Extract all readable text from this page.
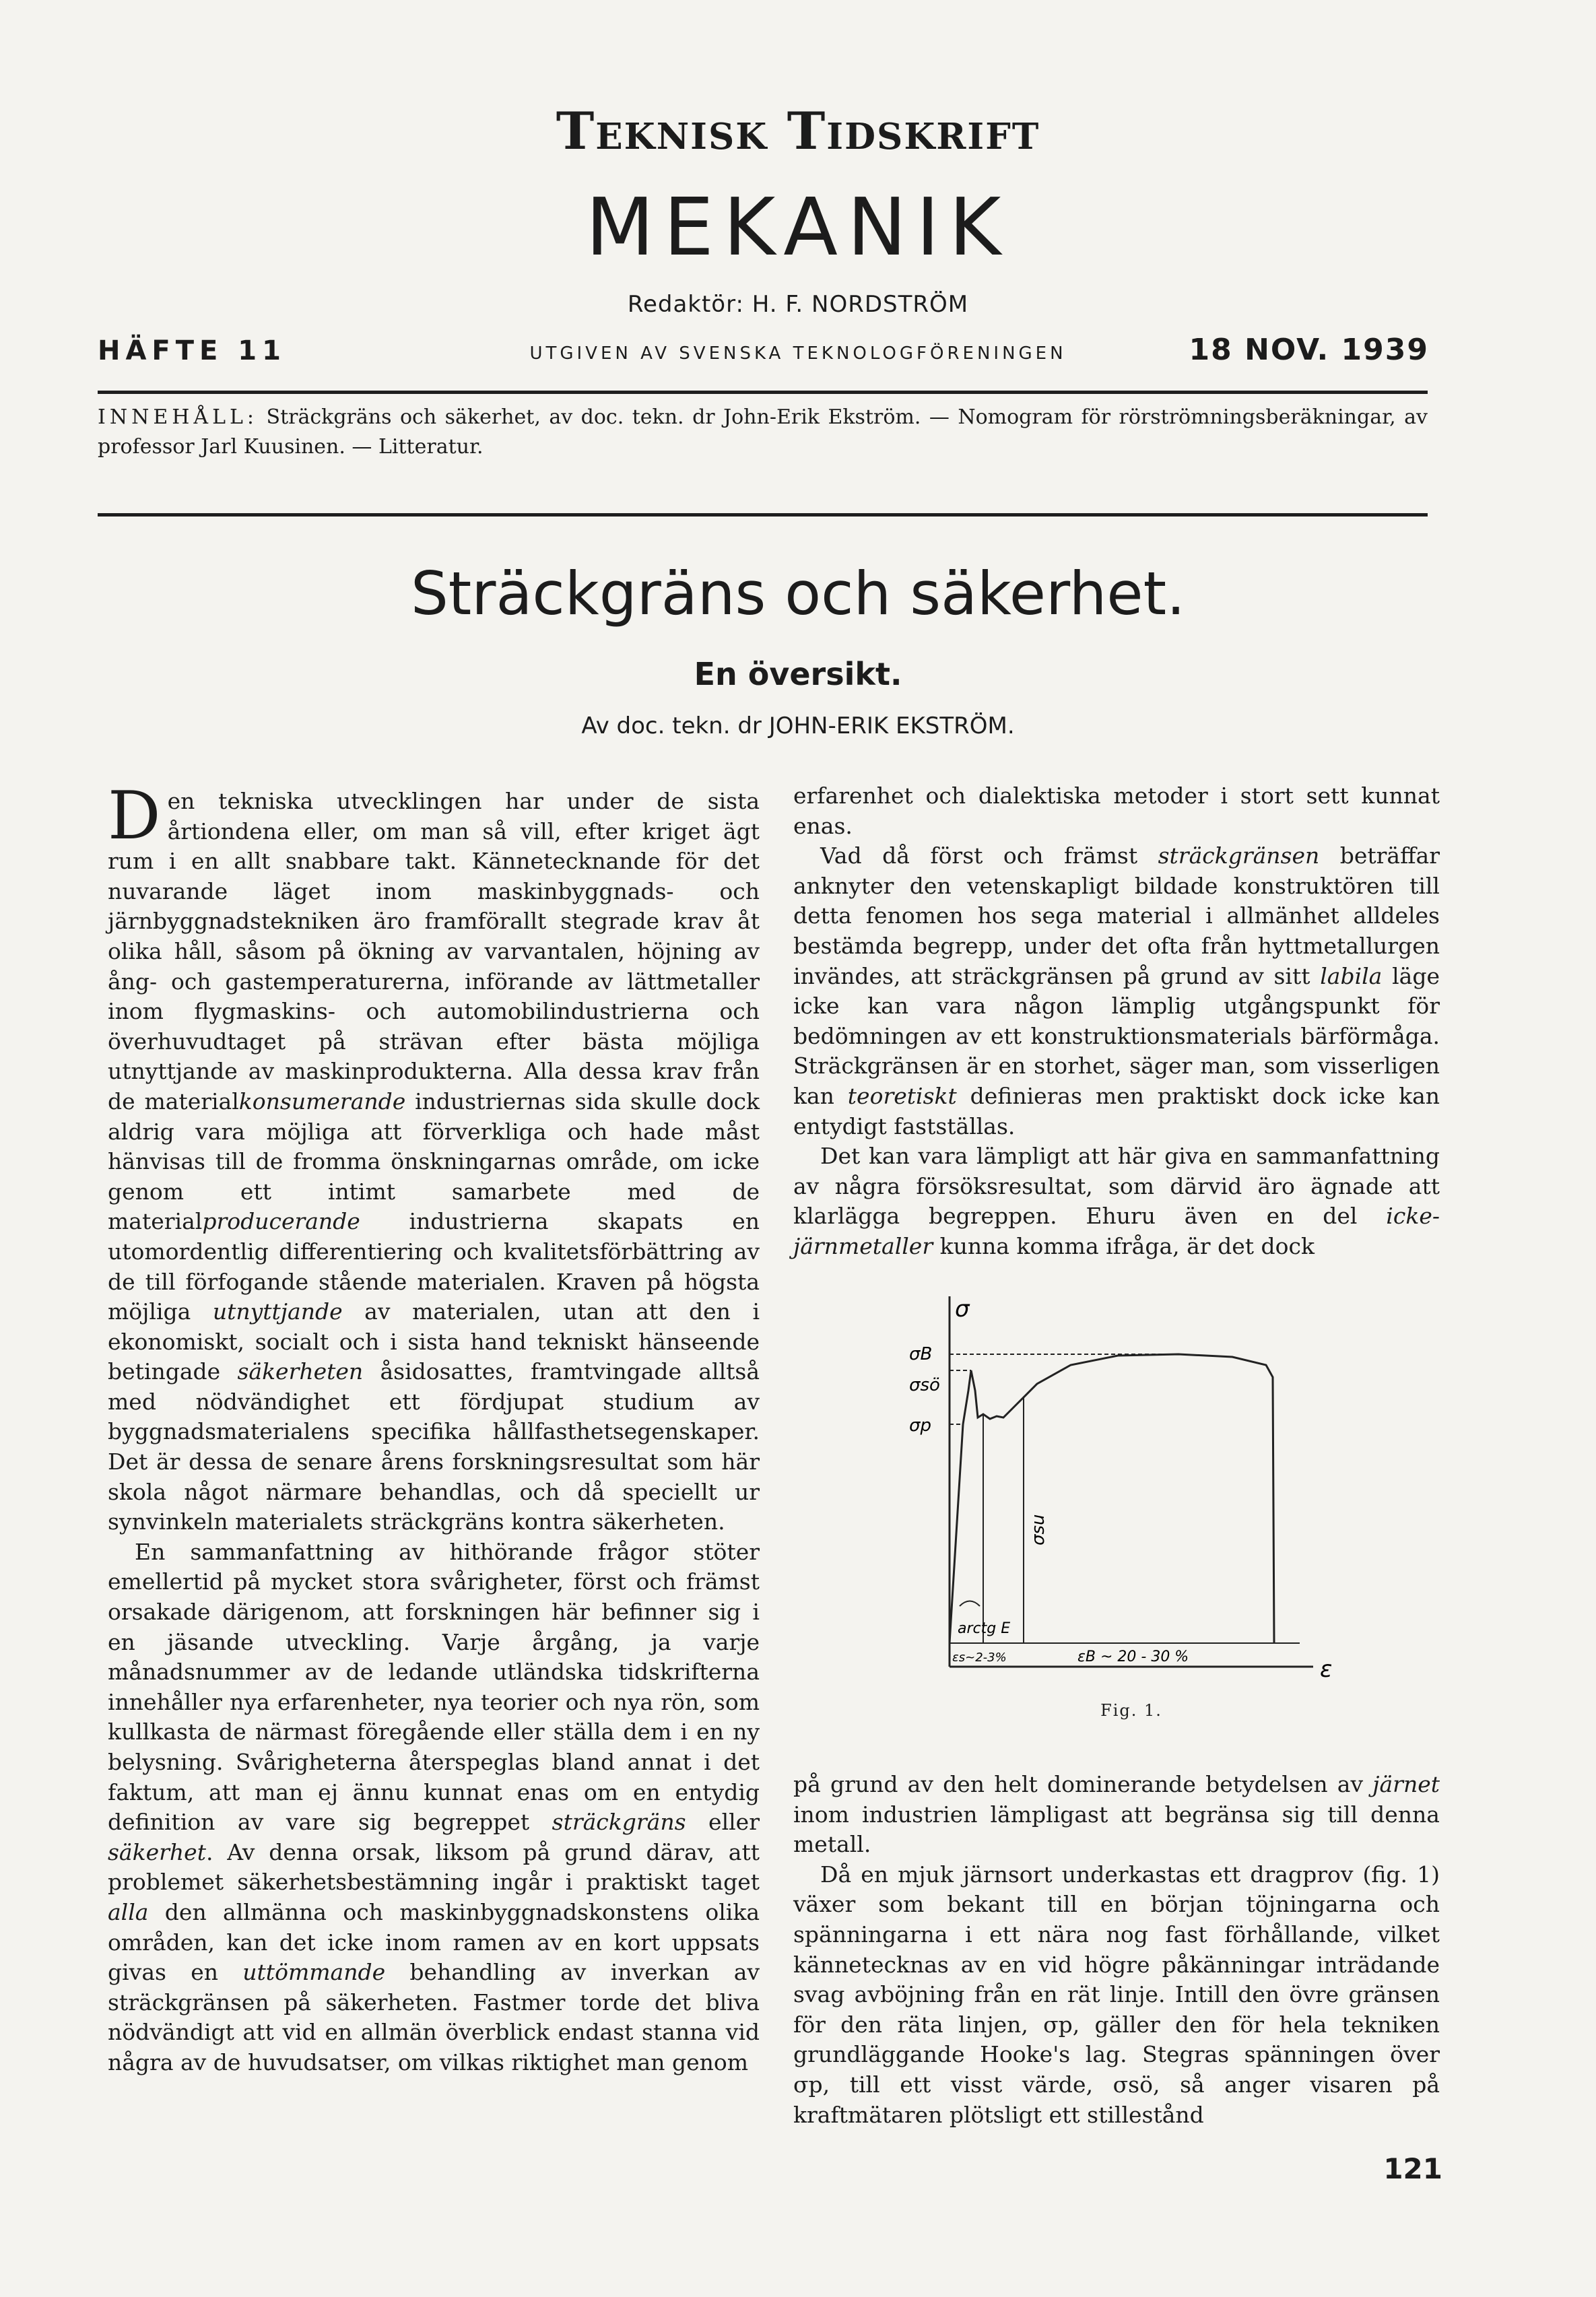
Teknisk Tidskrift
MEKANIK
Redaktör: H. F. NORDSTRÖM
HÄFTE 11	UTGIVEN AV SVENSKA TEKNOLOGFÖRENINGEN	18 NOV. 1939
INNEHÅLL: Sträckgräns och säkerhet, av doc. tekn. dr John-Erik Ekström. — Nomogram för rörströmningsberäkningar, av professor Jarl Kuusinen. — Litteratur.
Sträckgräns och säkerhet.
En översikt.
Av doc. tekn. dr JOHN-ERIK EKSTRÖM.

Den tekniska utvecklingen har under de sista årtiondena eller, om man så vill, efter kriget ägt rum i en allt snabbare takt. Kännetecknande för det nuvarande läget inom maskinbyggnads- och järnbyggnadstekniken äro framförallt stegrade krav åt olika håll, såsom på ökning av varvantalen, höjning av ång- och gastemperaturerna, införande av lättmetaller inom flygmaskins- och automobilindustrierna och överhuvudtaget på strävan efter bästa möjliga utnyttjande av maskinprodukterna. Alla dessa krav från de materialkonsumerande industriernas sida skulle dock aldrig vara möjliga att förverkliga och hade måst hänvisas till de fromma önskningarnas område, om icke genom ett intimt samarbete med de materialproducerande industrierna skapats en utomordentlig differentiering och kvalitetsförbättring av de till förfogande stående materialen. Kraven på högsta möjliga utnyttjande av materialen, utan att den i ekonomiskt, socialt och i sista hand tekniskt hänseende betingade säkerheten åsidosattes, framtvingade alltså med nödvändighet ett fördjupat studium av byggnadsmaterialens specifika hållfasthetsegenskaper. Det är dessa de senare årens forskningsresultat som här skola något närmare behandlas, och då speciellt ur synvinkeln materialets sträckgräns kontra säkerheten.

En sammanfattning av hithörande frågor stöter emellertid på mycket stora svårigheter, först och främst orsakade därigenom, att forskningen här befinner sig i en jäsande utveckling. Varje årgång, ja varje månadsnummer av de ledande utländska tidskrifterna innehåller nya erfarenheter, nya teorier och nya rön, som kullkasta de närmast föregående eller ställa dem i en ny belysning. Svårigheterna återspeglas bland annat i det faktum, att man ej ännu kunnat enas om en entydig definition av vare sig begreppet sträckgräns eller säkerhet. Av denna orsak, liksom på grund därav, att problemet säkerhetsbestämning ingår i praktiskt taget alla den allmänna och maskinbyggnadskonstens olika områden, kan det icke inom ramen av en kort uppsats givas en uttömmande behandling av inverkan av sträckgränsen på säkerheten. Fastmer torde det bliva nödvändigt att vid en allmän överblick endast stanna vid några av de huvudsatser, om vilkas riktighet man genom

erfarenhet och dialektiska metoder i stort sett kunnat enas.

Vad då först och främst sträckgränsen beträffar anknyter den vetenskapligt bildade konstruktören till detta fenomen hos sega material i allmänhet alldeles bestämda begrepp, under det ofta från hyttmetallurgen invändes, att sträckgränsen på grund av sitt labila läge icke kan vara någon lämplig utgångspunkt för bedömningen av ett konstruktionsmaterials bärförmåga. Sträckgränsen är en storhet, säger man, som visserligen kan teoretiskt definieras men praktiskt dock icke kan entydigt fastställas.

Det kan vara lämpligt att här giva en sammanfattning av några försöksresultat, som därvid äro ägnade att klarlägga begreppen. Ehuru även en del icke-järnmetaller kunna komma ifråga, är det dock

σ
ε
σB
σsö
σp
σsu
arctg E
εs~2-3%	εB ~ 20 - 30 %
Fig. 1.

på grund av den helt dominerande betydelsen av järnet inom industrien lämpligast att begränsa sig till denna metall.

Då en mjuk järnsort underkastas ett dragprov (fig. 1) växer som bekant till en början töjningarna och spänningarna i ett nära nog fast förhållande, vilket kännetecknas av en vid högre påkänningar inträdande svag avböjning från en rät linje. Intill den övre gränsen för den räta linjen, σp, gäller den för hela tekniken grundläggande Hooke's lag. Stegras spänningen över σp, till ett visst värde, σsö, så anger visaren på kraftmätaren plötsligt ett stillestånd

121
